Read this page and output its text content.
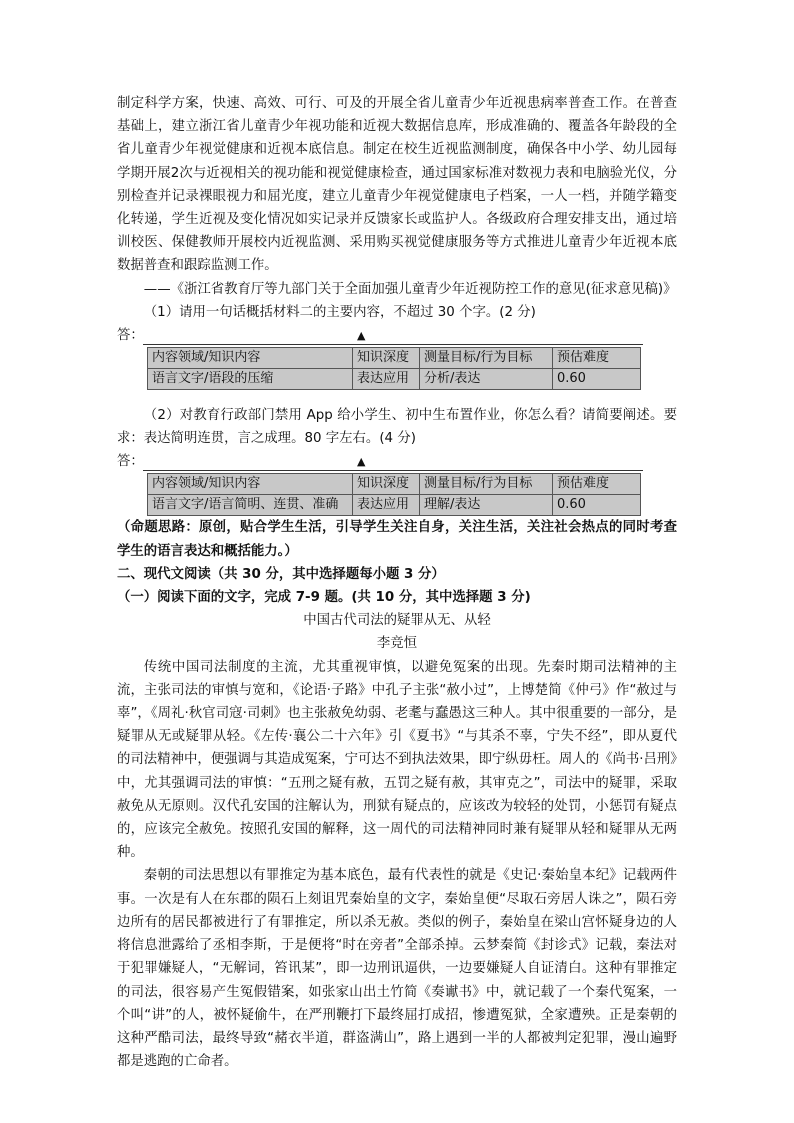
制定科学方案，快速、高效、可行、可及的开展全省儿童青少年近视患病率普查工作。在普查基础上，建立浙江省儿童青少年视功能和近视大数据信息库，形成准确的、覆盖各年龄段的全省儿童青少年视觉健康和近视本底信息。制定在校生近视监测制度，确保各中小学、幼儿园每学期开展2次与近视相关的视功能和视觉健康检查，通过国家标准对数视力表和电脑验光仪，分别检查并记录裸眼视力和屈光度，建立儿童青少年视觉健康电子档案，一人一档，并随学籍变化转递，学生近视及变化情况如实记录并反馈家长或监护人。各级政府合理安排支出，通过培训校医、保健教师开展校内近视监测、采用购买视觉健康服务等方式推进儿童青少年近视本底数据普查和跟踪监测工作。

——《浙江省教育厅等九部门关于全面加强儿童青少年近视防控工作的意见(征求意见稿)》

（1）请用一句话概括材料二的主要内容，不超过 30 个字。(2 分)

答：	▲
内容领域/知识内容	知识深度	测量目标/行为目标	预估难度
语言文字/语段的压缩	表达应用	分析/表达	0.60

（2）对教育行政部门禁用 App 给小学生、初中生布置作业，你怎么看？请简要阐述。要求：表达简明连贯，言之成理。80 字左右。(4 分)

答：	▲
内容领域/知识内容	知识深度	测量目标/行为目标	预估难度
语言文字/语言简明、连贯、准确	表达应用	理解/表达	0.60

（命题思路：原创，贴合学生生活，引导学生关注自身，关注生活，关注社会热点的同时考查学生的语言表达和概括能力。）

二、现代文阅读（共 30 分，其中选择题每小题 3 分）

（一）阅读下面的文字，完成 7-9 题。(共 10 分，其中选择题 3 分)

中国古代司法的疑罪从无、从轻

李竞恒

传统中国司法制度的主流，尤其重视审慎，以避免冤案的出现。先秦时期司法精神的主流，主张司法的审慎与宽和，《论语·子路》中孔子主张“赦小过”，上博楚简《仲弓》作“赦过与辜”，《周礼·秋官司寇·司刺》也主张赦免幼弱、老耄与蠢愚这三种人。其中很重要的一部分，是疑罪从无或疑罪从轻。《左传·襄公二十六年》引《夏书》“与其杀不辜，宁失不经”，即从夏代的司法精神中，便强调与其造成冤案，宁可达不到执法效果，即宁纵毋枉。周人的《尚书·吕刑》中，尤其强调司法的审慎：“五刑之疑有赦，五罚之疑有赦，其审克之”，司法中的疑罪，采取赦免从无原则。汉代孔安国的注解认为，刑狱有疑点的，应该改为较轻的处罚，小惩罚有疑点的，应该完全赦免。按照孔安国的解释，这一周代的司法精神同时兼有疑罪从轻和疑罪从无两种。

秦朝的司法思想以有罪推定为基本底色，最有代表性的就是《史记·秦始皇本纪》记载两件事。一次是有人在东郡的陨石上刻诅咒秦始皇的文字，秦始皇便“尽取石旁居人诛之”，陨石旁边所有的居民都被进行了有罪推定，所以杀无赦。类似的例子，秦始皇在梁山宫怀疑身边的人将信息泄露给了丞相李斯，于是便将“时在旁者”全部杀掉。云梦秦简《封诊式》记载，秦法对于犯罪嫌疑人，“无解词，笞讯某”，即一边刑讯逼供，一边要嫌疑人自证清白。这种有罪推定的司法，很容易产生冤假错案，如张家山出土竹简《奏谳书》中，就记载了一个秦代冤案，一个叫“讲”的人，被怀疑偷牛，在严刑鞭打下最终屈打成招，惨遭冤狱，全家遭殃。正是秦朝的这种严酷司法，最终导致“赭衣半道，群盗满山”，路上遇到一半的人都被判定犯罪，漫山遍野都是逃跑的亡命者。
